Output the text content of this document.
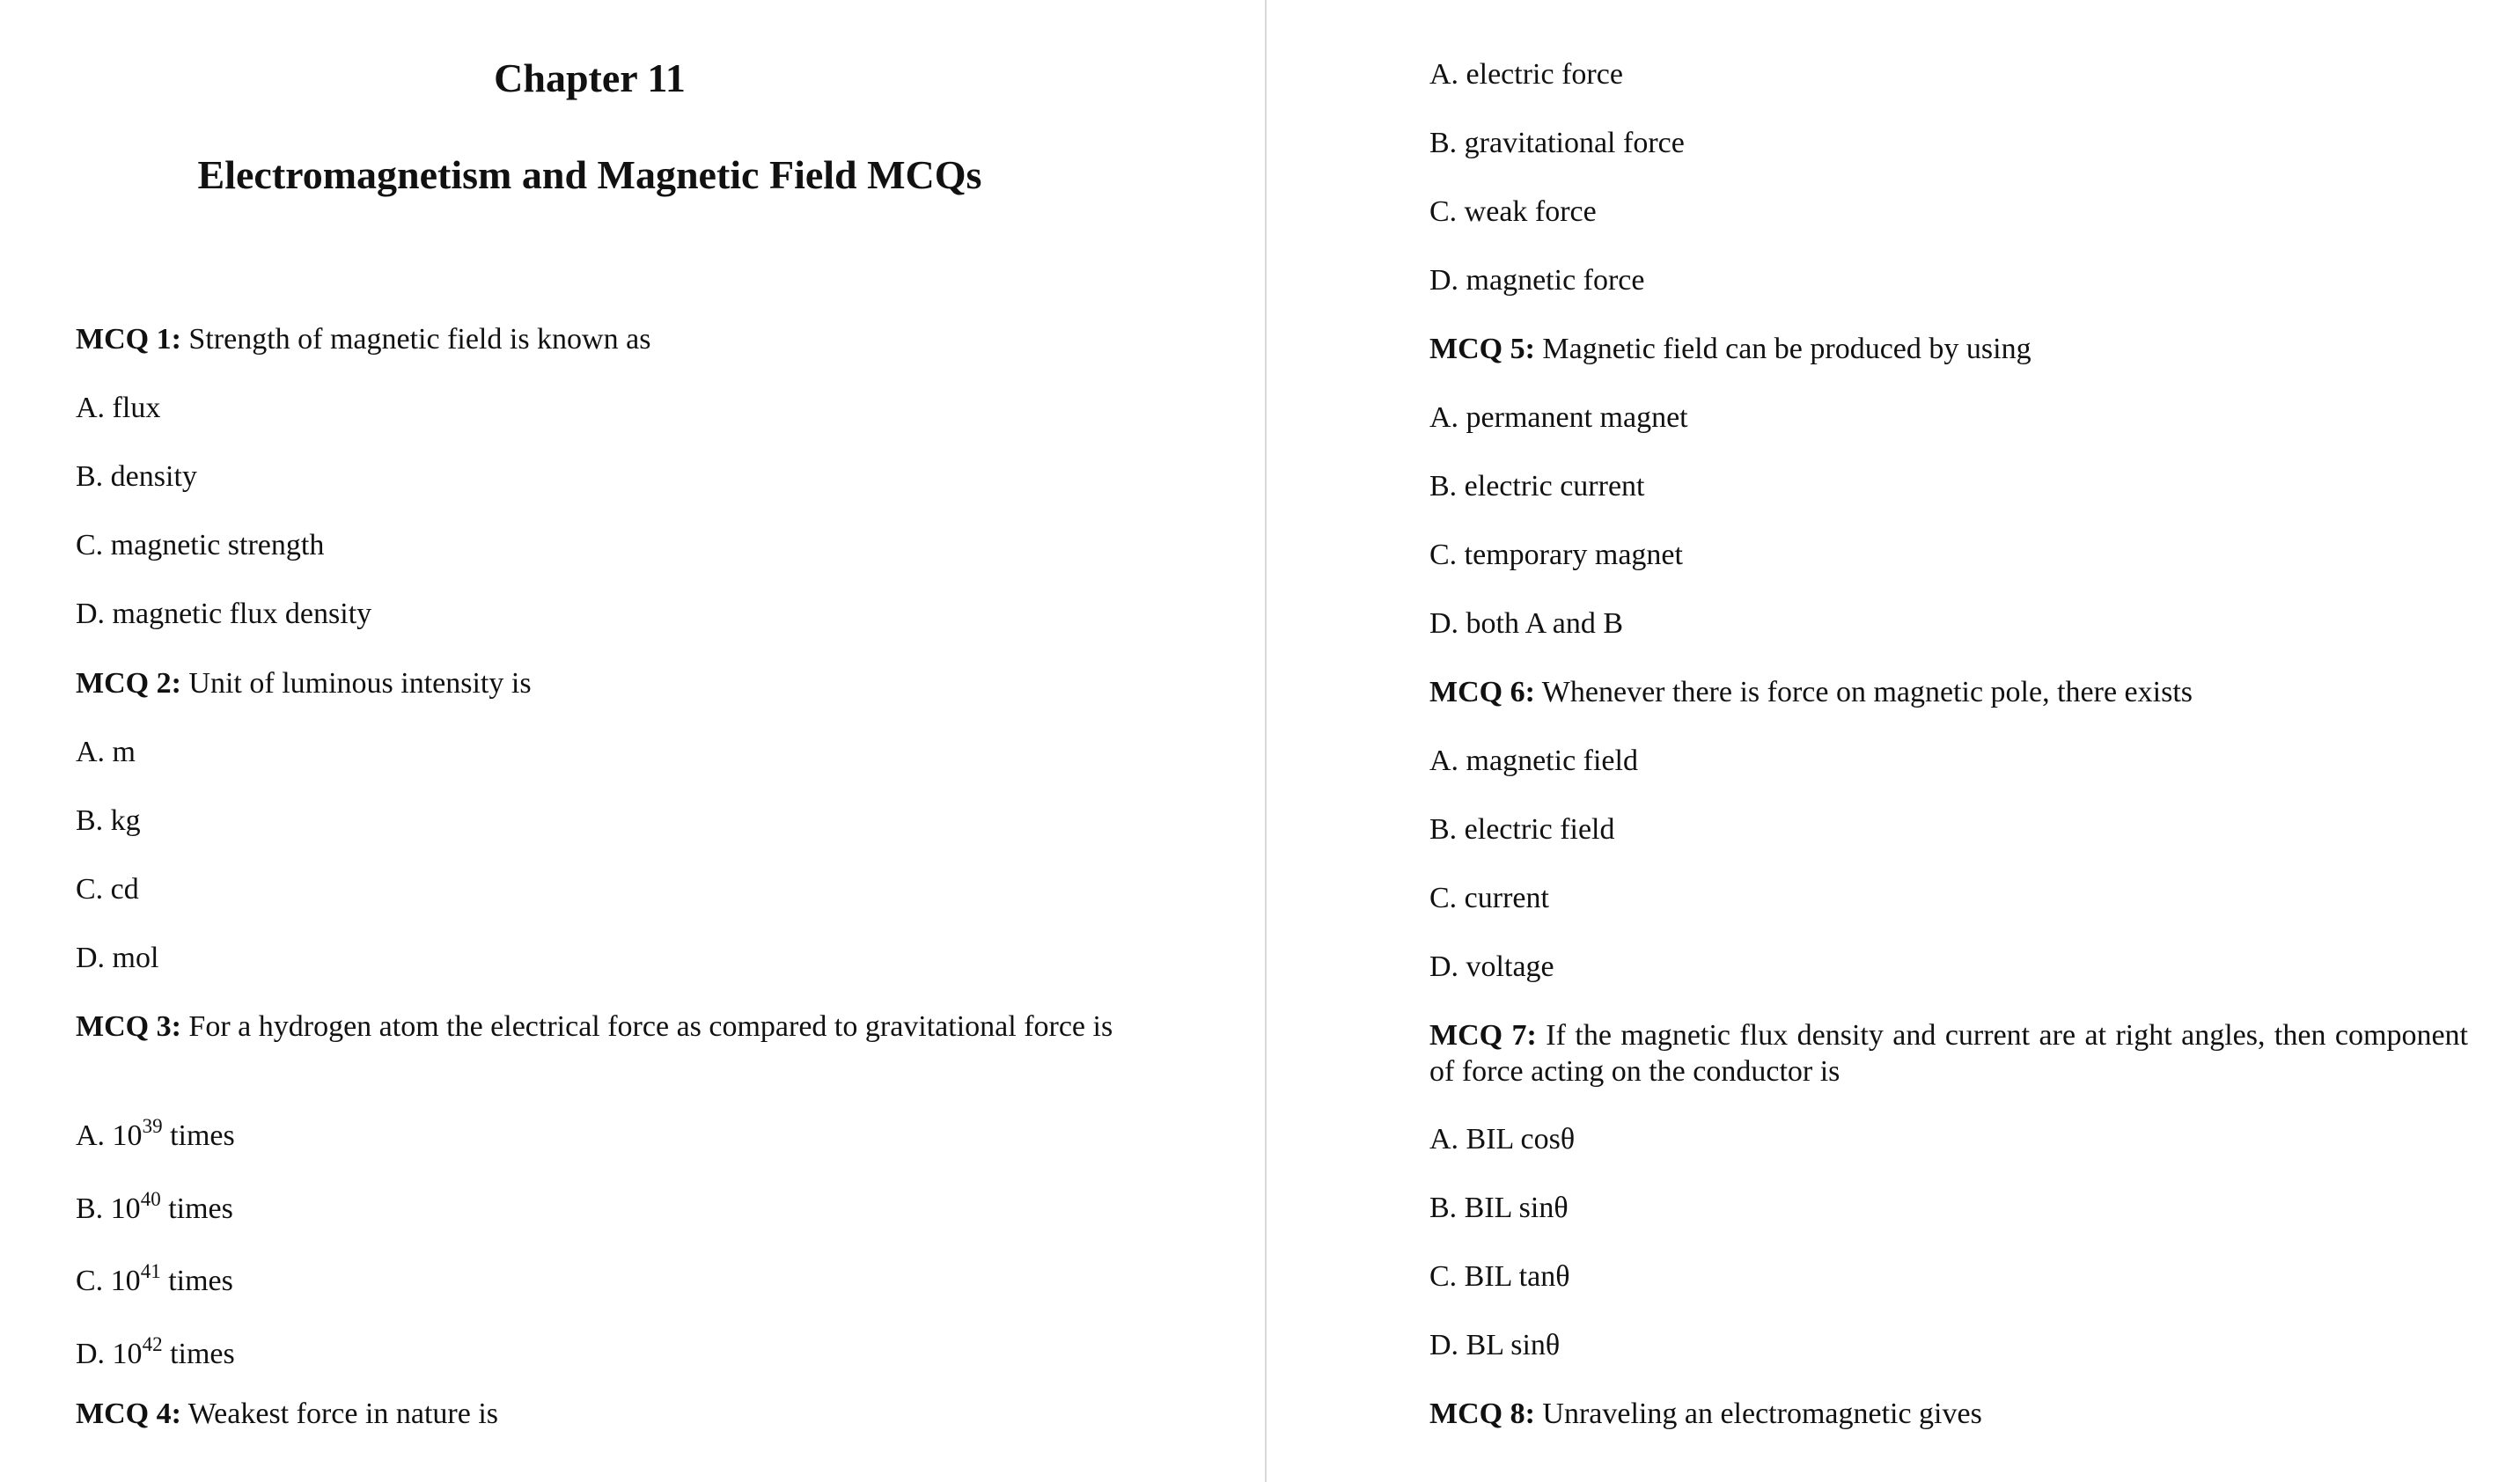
Chapter 11
Electromagnetism and Magnetic Field MCQs

MCQ 1: Strength of magnetic field is known as

A. flux

B. density

C. magnetic strength

D. magnetic flux density

MCQ 2: Unit of luminous intensity is

A. m

B. kg

C. cd

D. mol

MCQ 3: For a hydrogen atom the electrical force as compared to gravitational force is

A. $10^{39}$ times

B. $10^{40}$ times

C. $10^{41}$ times

D. $10^{42}$ times

MCQ 4: Weakest force in nature is

A. electric force

B. gravitational force

C. weak force

D. magnetic force

MCQ 5: Magnetic field can be produced by using

A. permanent magnet

B. electric current

C. temporary magnet

D. both A and B

MCQ 6: Whenever there is force on magnetic pole, there exists

A. magnetic field

B. electric field

C. current

D. voltage

MCQ 7: If the magnetic flux density and current are at right angles, then component of force acting on the conductor is

A. BIL cosθ

B. BIL sinθ

C. BIL tanθ

D. BL sinθ

MCQ 8: Unraveling an electromagnetic gives
